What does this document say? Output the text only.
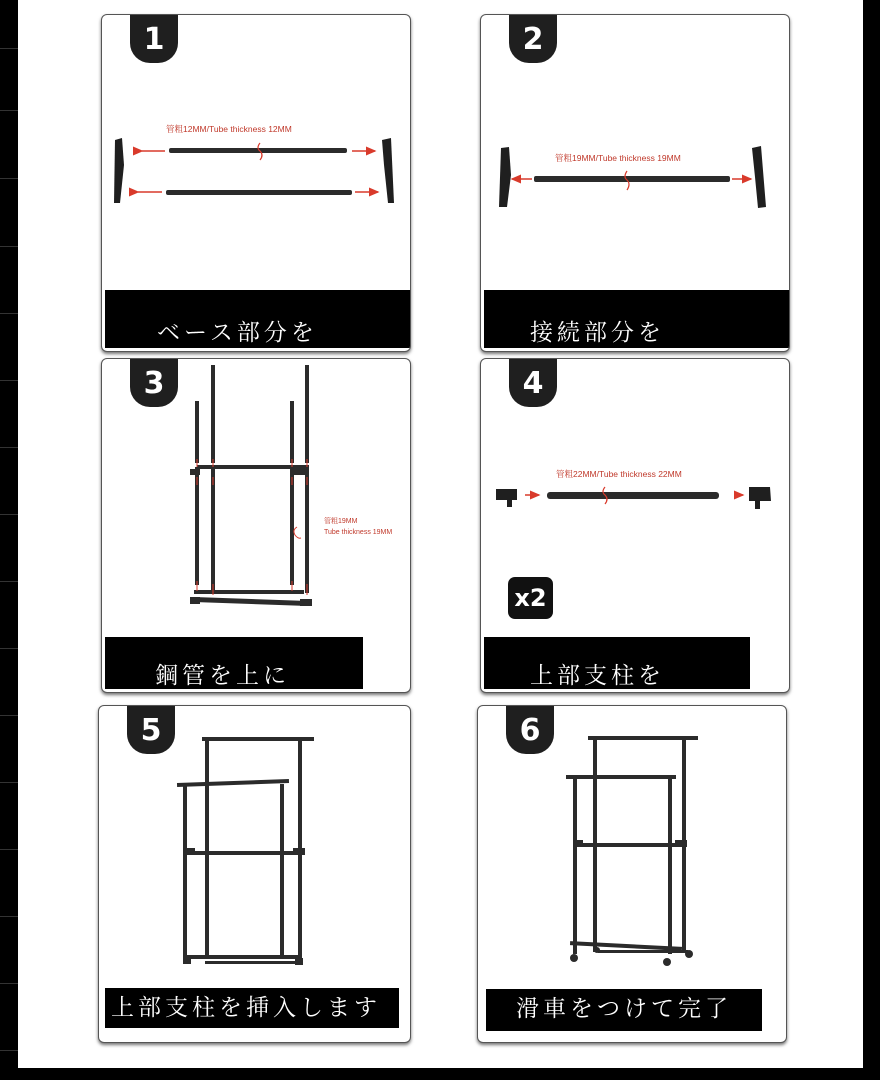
1
管粗12MM/Tube thickness 12MM

ベース部分を

2
管粗19MM/Tube thickness 19MM

接続部分を

3
管粗19MM
Tube thickness 19MM

鋼管を上に

4
管粗22MM/Tube thickness 22MM
x2

上部支柱を

5
上部支柱を挿入します
6
滑車をつけて完了
